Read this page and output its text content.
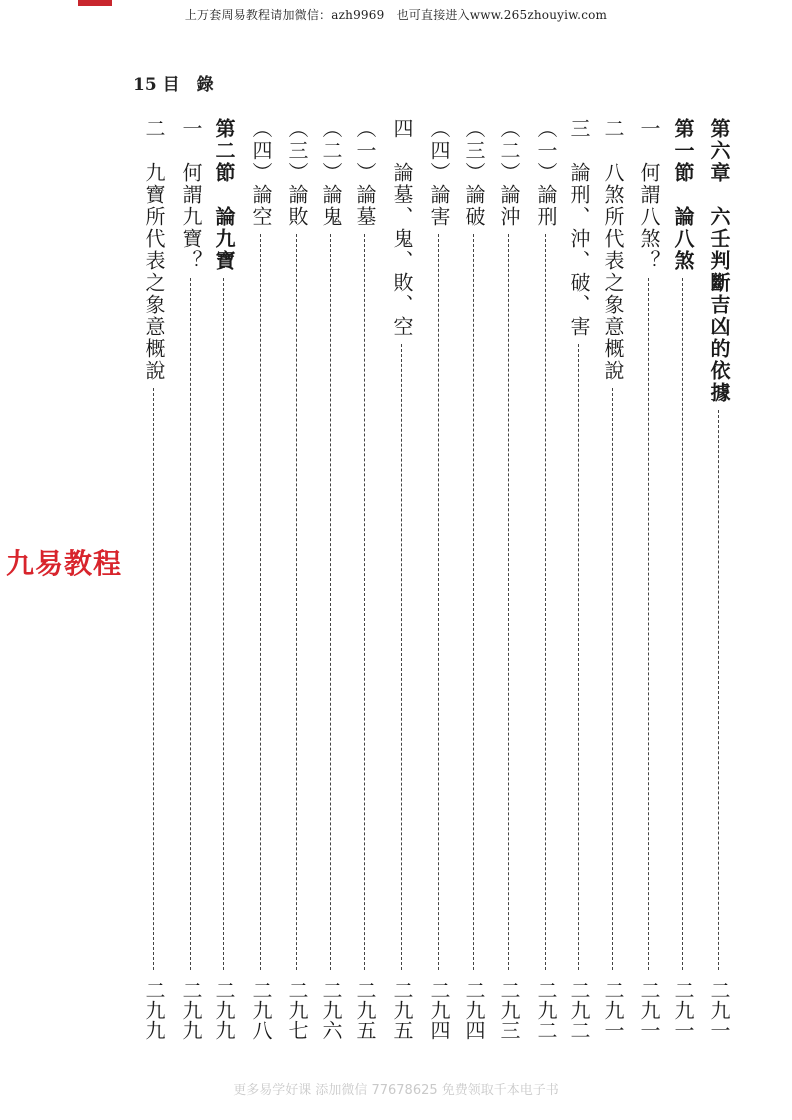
上万套周易教程请加微信：azh9969　也可直接进入www.265zhouyiw.com
15 目　錄
九易教程
第六章　六壬判斷吉凶的依據
二九一
第一節　論八煞
二九一
一　何謂八煞？
二九一
二　八煞所代表之象意概說
二九一
三　論刑、沖、破、害
二九二
（一）論刑
二九二
（二）論沖
二九三
（三）論破
二九四
（四）論害
二九四
四　論墓、鬼、敗、空
二九五
（一）論墓
二九五
（二）論鬼
二九六
（三）論敗
二九七
（四）論空
二九八
第二節　論九寶
二九九
一　何謂九寶？
二九九
二　九寶所代表之象意概說
二九九
更多易学好课 添加微信 77678625 免费领取千本电子书
